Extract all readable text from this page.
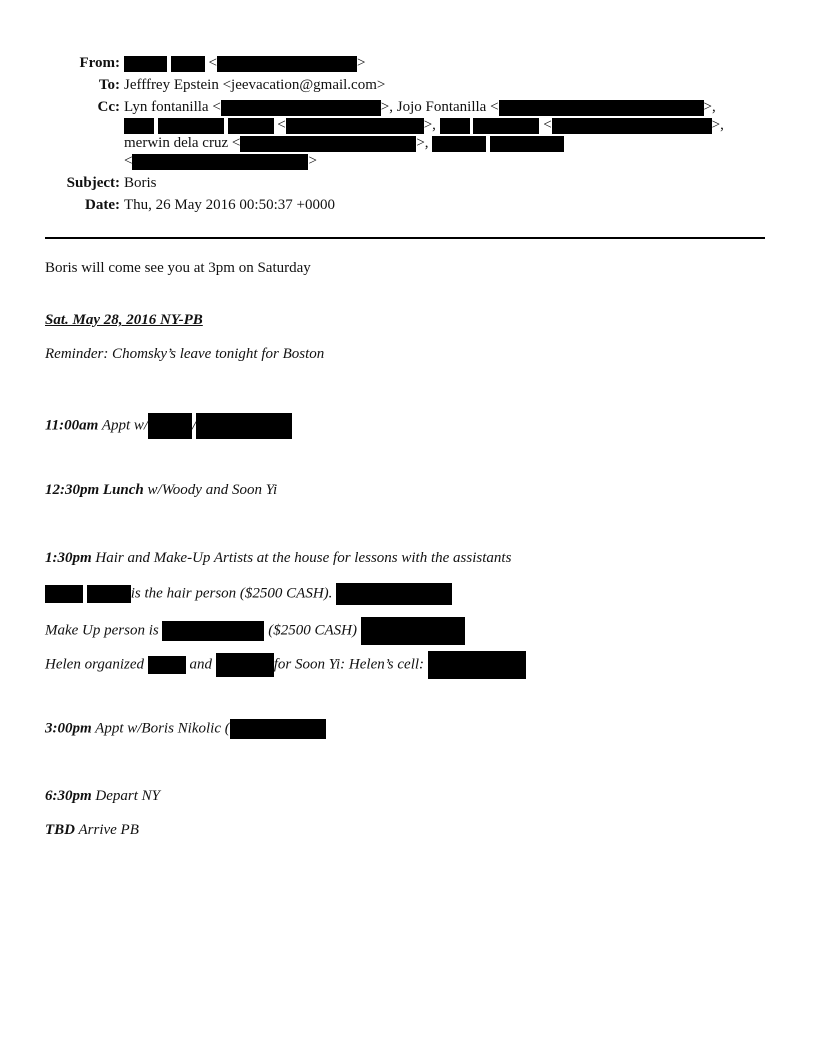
From:	<	>
To: Jefffrey Epstein <jeevacation@gmail.com>
Cc: Lyn fontanilla <	>, Jojo Fontanilla <	>,
<	>,	<	>,
merwin dela cruz <	>,
<	>
Subject: Boris
Date: Thu, 26 May 2016 00:50:37 +0000
Boris will come see you at 3pm on Saturday
Sat. May 28, 2016 NY-PB
Reminder: Chomsky’s leave tonight for Boston
11:00am Appt w/	/
12:30pm Lunch w/Woody and Soon Yi
1:30pm Hair and Make-Up Artists at the house for lessons with the assistants
is the hair person ($2500 CASH).
Make Up person is	($2500 CASH)
Helen organized	and	for Soon Yi: Helen’s cell:
3:00pm Appt w/Boris Nikolic (
6:30pm Depart NY
TBD Arrive PB
